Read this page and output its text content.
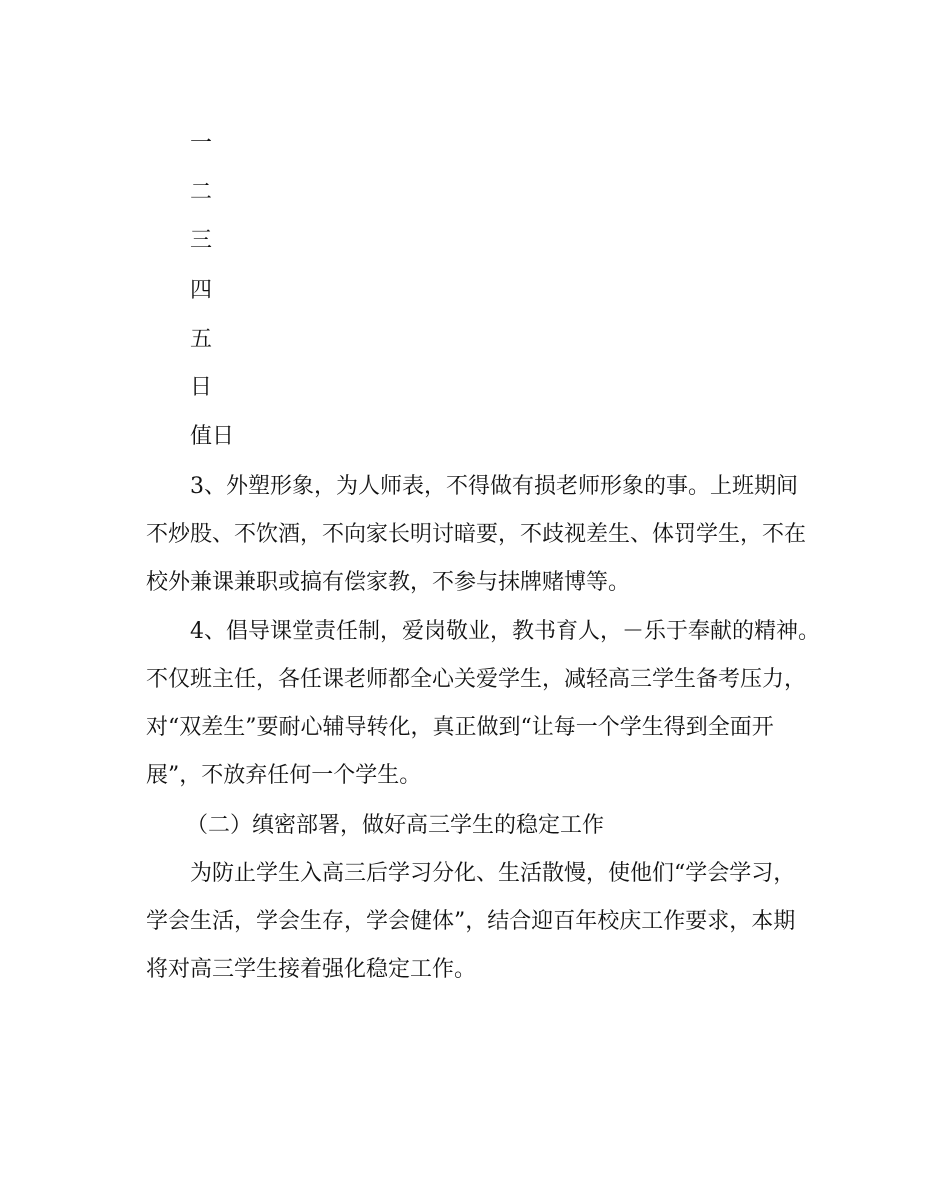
一
二
三
四
五
日
值日
3、外塑形象，为人师表，不得做有损老师形象的事。上班期间
不炒股、不饮酒，不向家长明讨暗要，不歧视差生、体罚学生，不在
校外兼课兼职或搞有偿家教，不参与抹牌赌博等。
4、倡导课堂责任制，爱岗敬业，教书育人，－乐于奉献的精神。
不仅班主任，各任课老师都全心关爱学生，减轻高三学生备考压力，
对“双差生”要耐心辅导转化，真正做到“让每一个学生得到全面开
展”，不放弃任何一个学生。
（二）缜密部署，做好高三学生的稳定工作
为防止学生入高三后学习分化、生活散慢，使他们“学会学习，
学会生活，学会生存，学会健体”，结合迎百年校庆工作要求，本期
将对高三学生接着强化稳定工作。
